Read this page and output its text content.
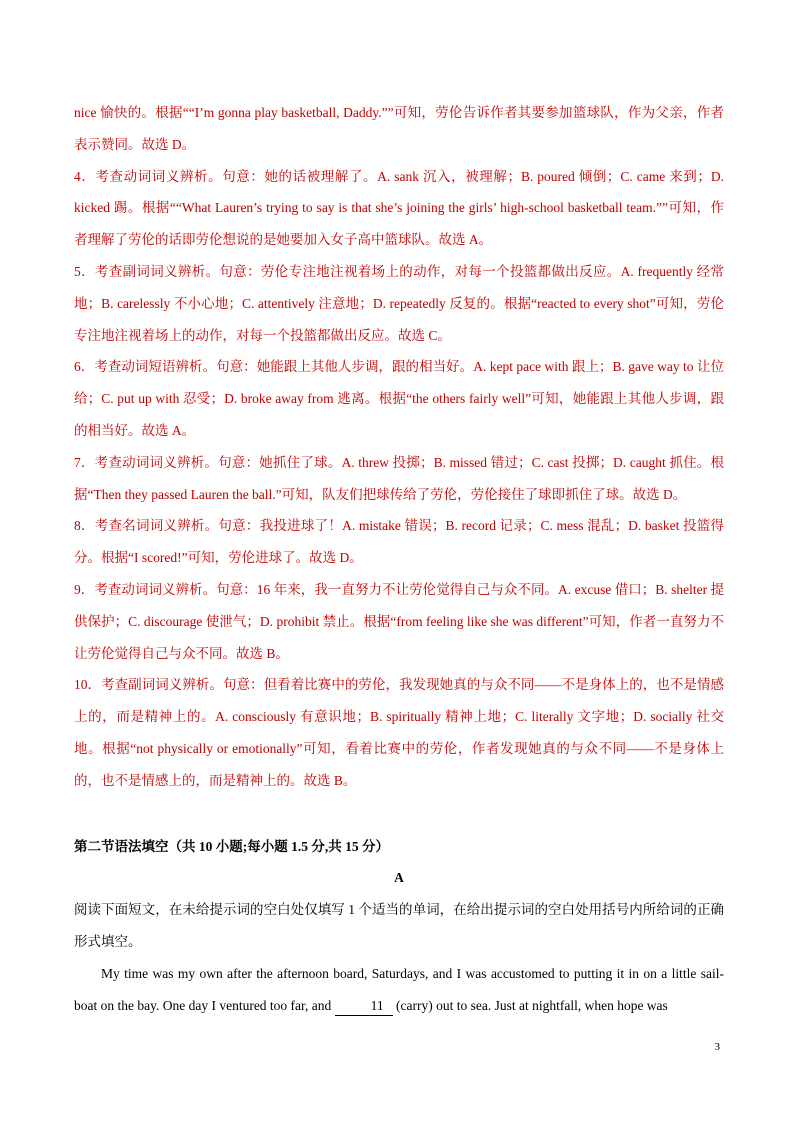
nice 愉快的。根据““I’m gonna play basketball, Daddy.””可知，劳伦告诉作者其要参加篮球队，作为父亲，作者表示赞同。故选 D。

4．考查动词词义辨析。句意：她的话被理解了。A. sank 沉入，被理解；B. poured 倾倒；C. came 来到；D. kicked 踢。根据““What Lauren’s trying to say is that she’s joining the girls’ high-school basketball team.””可知，作者理解了劳伦的话即劳伦想说的是她要加入女子高中篮球队。故选 A。

5．考查副词词义辨析。句意：劳伦专注地注视着场上的动作，对每一个投篮都做出反应。A. frequently 经常地；B. carelessly 不小心地；C. attentively 注意地；D. repeatedly 反复的。根据“reacted to every shot”可知，劳伦专注地注视着场上的动作，对每一个投篮都做出反应。故选 C。

6．考查动词短语辨析。句意：她能跟上其他人步调，跟的相当好。A. kept pace with 跟上；B. gave way to 让位给；C. put up with 忍受；D. broke away from 逃离。根据“the others fairly well”可知，她能跟上其他人步调，跟的相当好。故选 A。

7．考查动词词义辨析。句意：她抓住了球。A. threw 投掷；B. missed 错过；C. cast 投掷；D. caught 抓住。根据“Then they passed Lauren the ball.”可知，队友们把球传给了劳伦，劳伦接住了球即抓住了球。故选 D。

8．考查名词词义辨析。句意：我投进球了！A. mistake 错误；B. record 记录；C. mess 混乱；D. basket 投篮得分。根据“I scored!”可知，劳伦进球了。故选 D。

9．考查动词词义辨析。句意：16 年来，我一直努力不让劳伦觉得自己与众不同。A. excuse 借口；B. shelter 提供保护；C. discourage 使泄气；D. prohibit 禁止。根据“from feeling like she was different”可知，作者一直努力不让劳伦觉得自己与众不同。故选 B。

10．考查副词词义辨析。句意：但看着比赛中的劳伦，我发现她真的与众不同——不是身体上的，也不是情感上的，而是精神上的。A. consciously 有意识地；B. spiritually 精神上地；C. literally 文字地；D. socially 社交地。根据“not physically or emotionally”可知，看着比赛中的劳伦，作者发现她真的与众不同——不是身体上的，也不是情感上的，而是精神上的。故选 B。

第二节语法填空（共 10 小题;每小题 1.5 分,共 15 分）

A

阅读下面短文，在未给提示词的空白处仅填写 1 个适当的单词，在给出提示词的空白处用括号内所给词的正确形式填空。

My time was my own after the afternoon board, Saturdays, and I was accustomed to putting it in on a little sail-boat on the bay. One day I ventured too far, and	11 (carry) out to sea. Just at nightfall, when hope was

3
